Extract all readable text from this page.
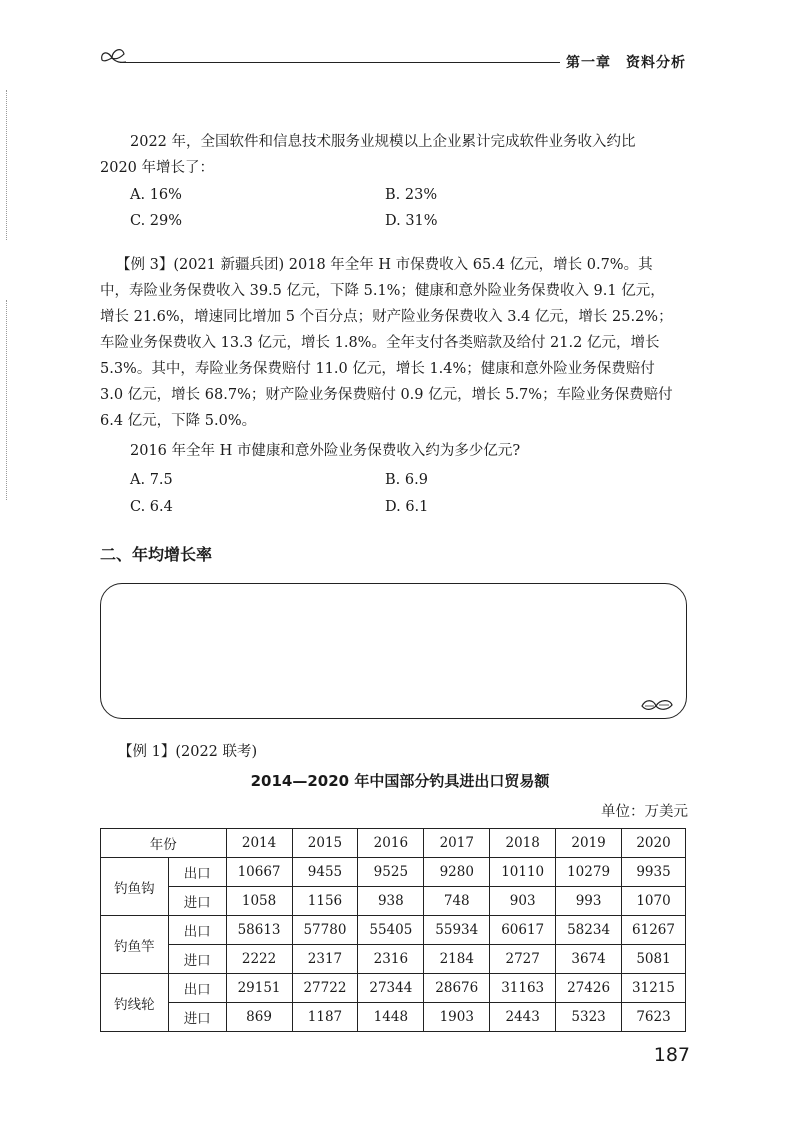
第一章　资料分析
2022 年，全国软件和信息技术服务业规模以上企业累计完成软件业务收入约比
2020 年增长了：
A. 16%	B. 23%
C. 29%	D. 31%
【例 3】(2021 新疆兵团) 2018 年全年 H 市保费收入 65.4 亿元，增长 0.7%。其
中，寿险业务保费收入 39.5 亿元，下降 5.1%；健康和意外险业务保费收入 9.1 亿元，
增长 21.6%，增速同比增加 5 个百分点；财产险业务保费收入 3.4 亿元，增长 25.2%；
车险业务保费收入 13.3 亿元，增长 1.8%。全年支付各类赔款及给付 21.2 亿元，增长
5.3%。其中，寿险业务保费赔付 11.0 亿元，增长 1.4%；健康和意外险业务保费赔付
3.0 亿元，增长 68.7%；财产险业务保费赔付 0.9 亿元，增长 5.7%；车险业务保费赔付
6.4 亿元，下降 5.0%。
2016 年全年 H 市健康和意外险业务保费收入约为多少亿元?
A. 7.5	B. 6.9
C. 6.4	D. 6.1
二、年均增长率
【例 1】(2022 联考)
2014—2020 年中国部分钓具进出口贸易额
单位：万美元
年份		2014	2015	2016	2017	2018	2019	2020
钓鱼钩	出口	10667	9455	9525	9280	10110	10279	9935
	进口	1058	1156	938	748	903	993	1070
钓鱼竿	出口	58613	57780	55405	55934	60617	58234	61267
	进口	2222	2317	2316	2184	2727	3674	5081
钓线轮	出口	29151	27722	27344	28676	31163	27426	31215
	进口	869	1187	1448	1903	2443	5323	7623
187
